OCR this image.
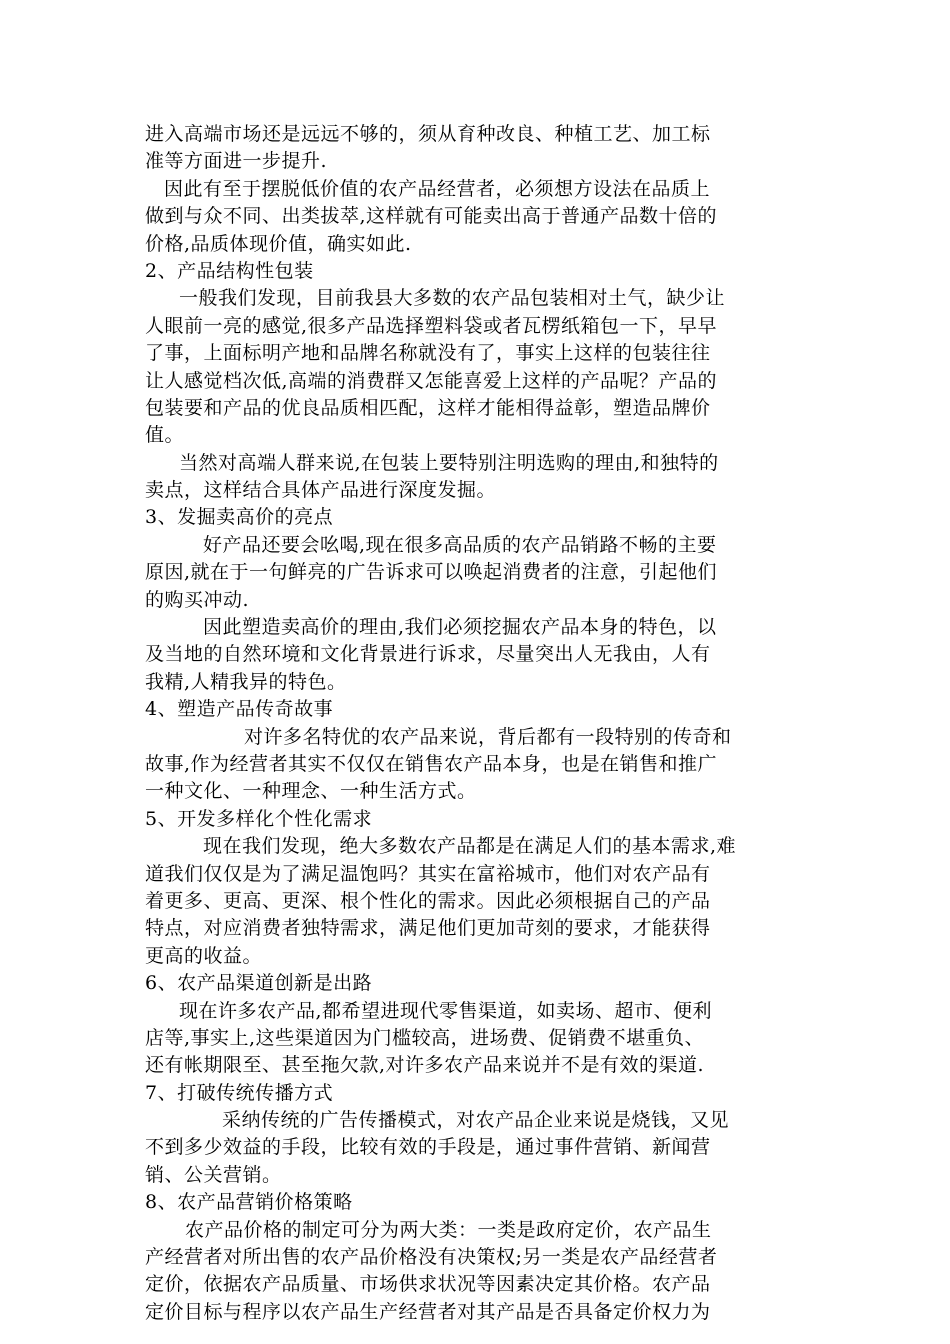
进入高端市场还是远远不够的，须从育种改良、种植工艺、加工标
准等方面进一步提升.
因此有至于摆脱低价值的农产品经营者，必须想方设法在品质上
做到与众不同、出类拔萃,这样就有可能卖出高于普通产品数十倍的
价格,品质体现价值，确实如此.
2、产品结构性包装
一般我们发现，目前我县大多数的农产品包装相对土气，缺少让
人眼前一亮的感觉,很多产品选择塑料袋或者瓦楞纸箱包一下，早早
了事，上面标明产地和品牌名称就没有了，事实上这样的包装往往
让人感觉档次低,高端的消费群又怎能喜爱上这样的产品呢？产品的
包装要和产品的优良品质相匹配，这样才能相得益彰，塑造品牌价
值。
当然对高端人群来说,在包装上要特别注明选购的理由,和独特的
卖点，这样结合具体产品进行深度发掘。
3、发掘卖高价的亮点
好产品还要会吆喝,现在很多高品质的农产品销路不畅的主要
原因,就在于一句鲜亮的广告诉求可以唤起消费者的注意，引起他们
的购买冲动.
因此塑造卖高价的理由,我们必须挖掘农产品本身的特色，以
及当地的自然环境和文化背景进行诉求，尽量突出人无我由，人有
我精,人精我异的特色。
4、塑造产品传奇故事
对许多名特优的农产品来说，背后都有一段特别的传奇和
故事,作为经营者其实不仅仅在销售农产品本身，也是在销售和推广
一种文化、一种理念、一种生活方式。
5、开发多样化个性化需求
现在我们发现，绝大多数农产品都是在满足人们的基本需求,难
道我们仅仅是为了满足温饱吗？其实在富裕城市，他们对农产品有
着更多、更高、更深、根个性化的需求。因此必须根据自己的产品
特点，对应消费者独特需求，满足他们更加苛刻的要求，才能获得
更高的收益。
6、农产品渠道创新是出路
现在许多农产品,都希望进现代零售渠道，如卖场、超市、便利
店等,事实上,这些渠道因为门槛较高，进场费、促销费不堪重负、
还有帐期限至、甚至拖欠款,对许多农产品来说并不是有效的渠道.
7、打破传统传播方式
采纳传统的广告传播模式，对农产品企业来说是烧钱，又见
不到多少效益的手段，比较有效的手段是，通过事件营销、新闻营
销、公关营销。
8、农产品营销价格策略
农产品价格的制定可分为两大类：一类是政府定价，农产品生
产经营者对所出售的农产品价格没有决策权;另一类是农产品经营者
定价，依据农产品质量、市场供求状况等因素决定其价格。农产品
定价目标与程序以农产品生产经营者对其产品是否具备定价权力为
